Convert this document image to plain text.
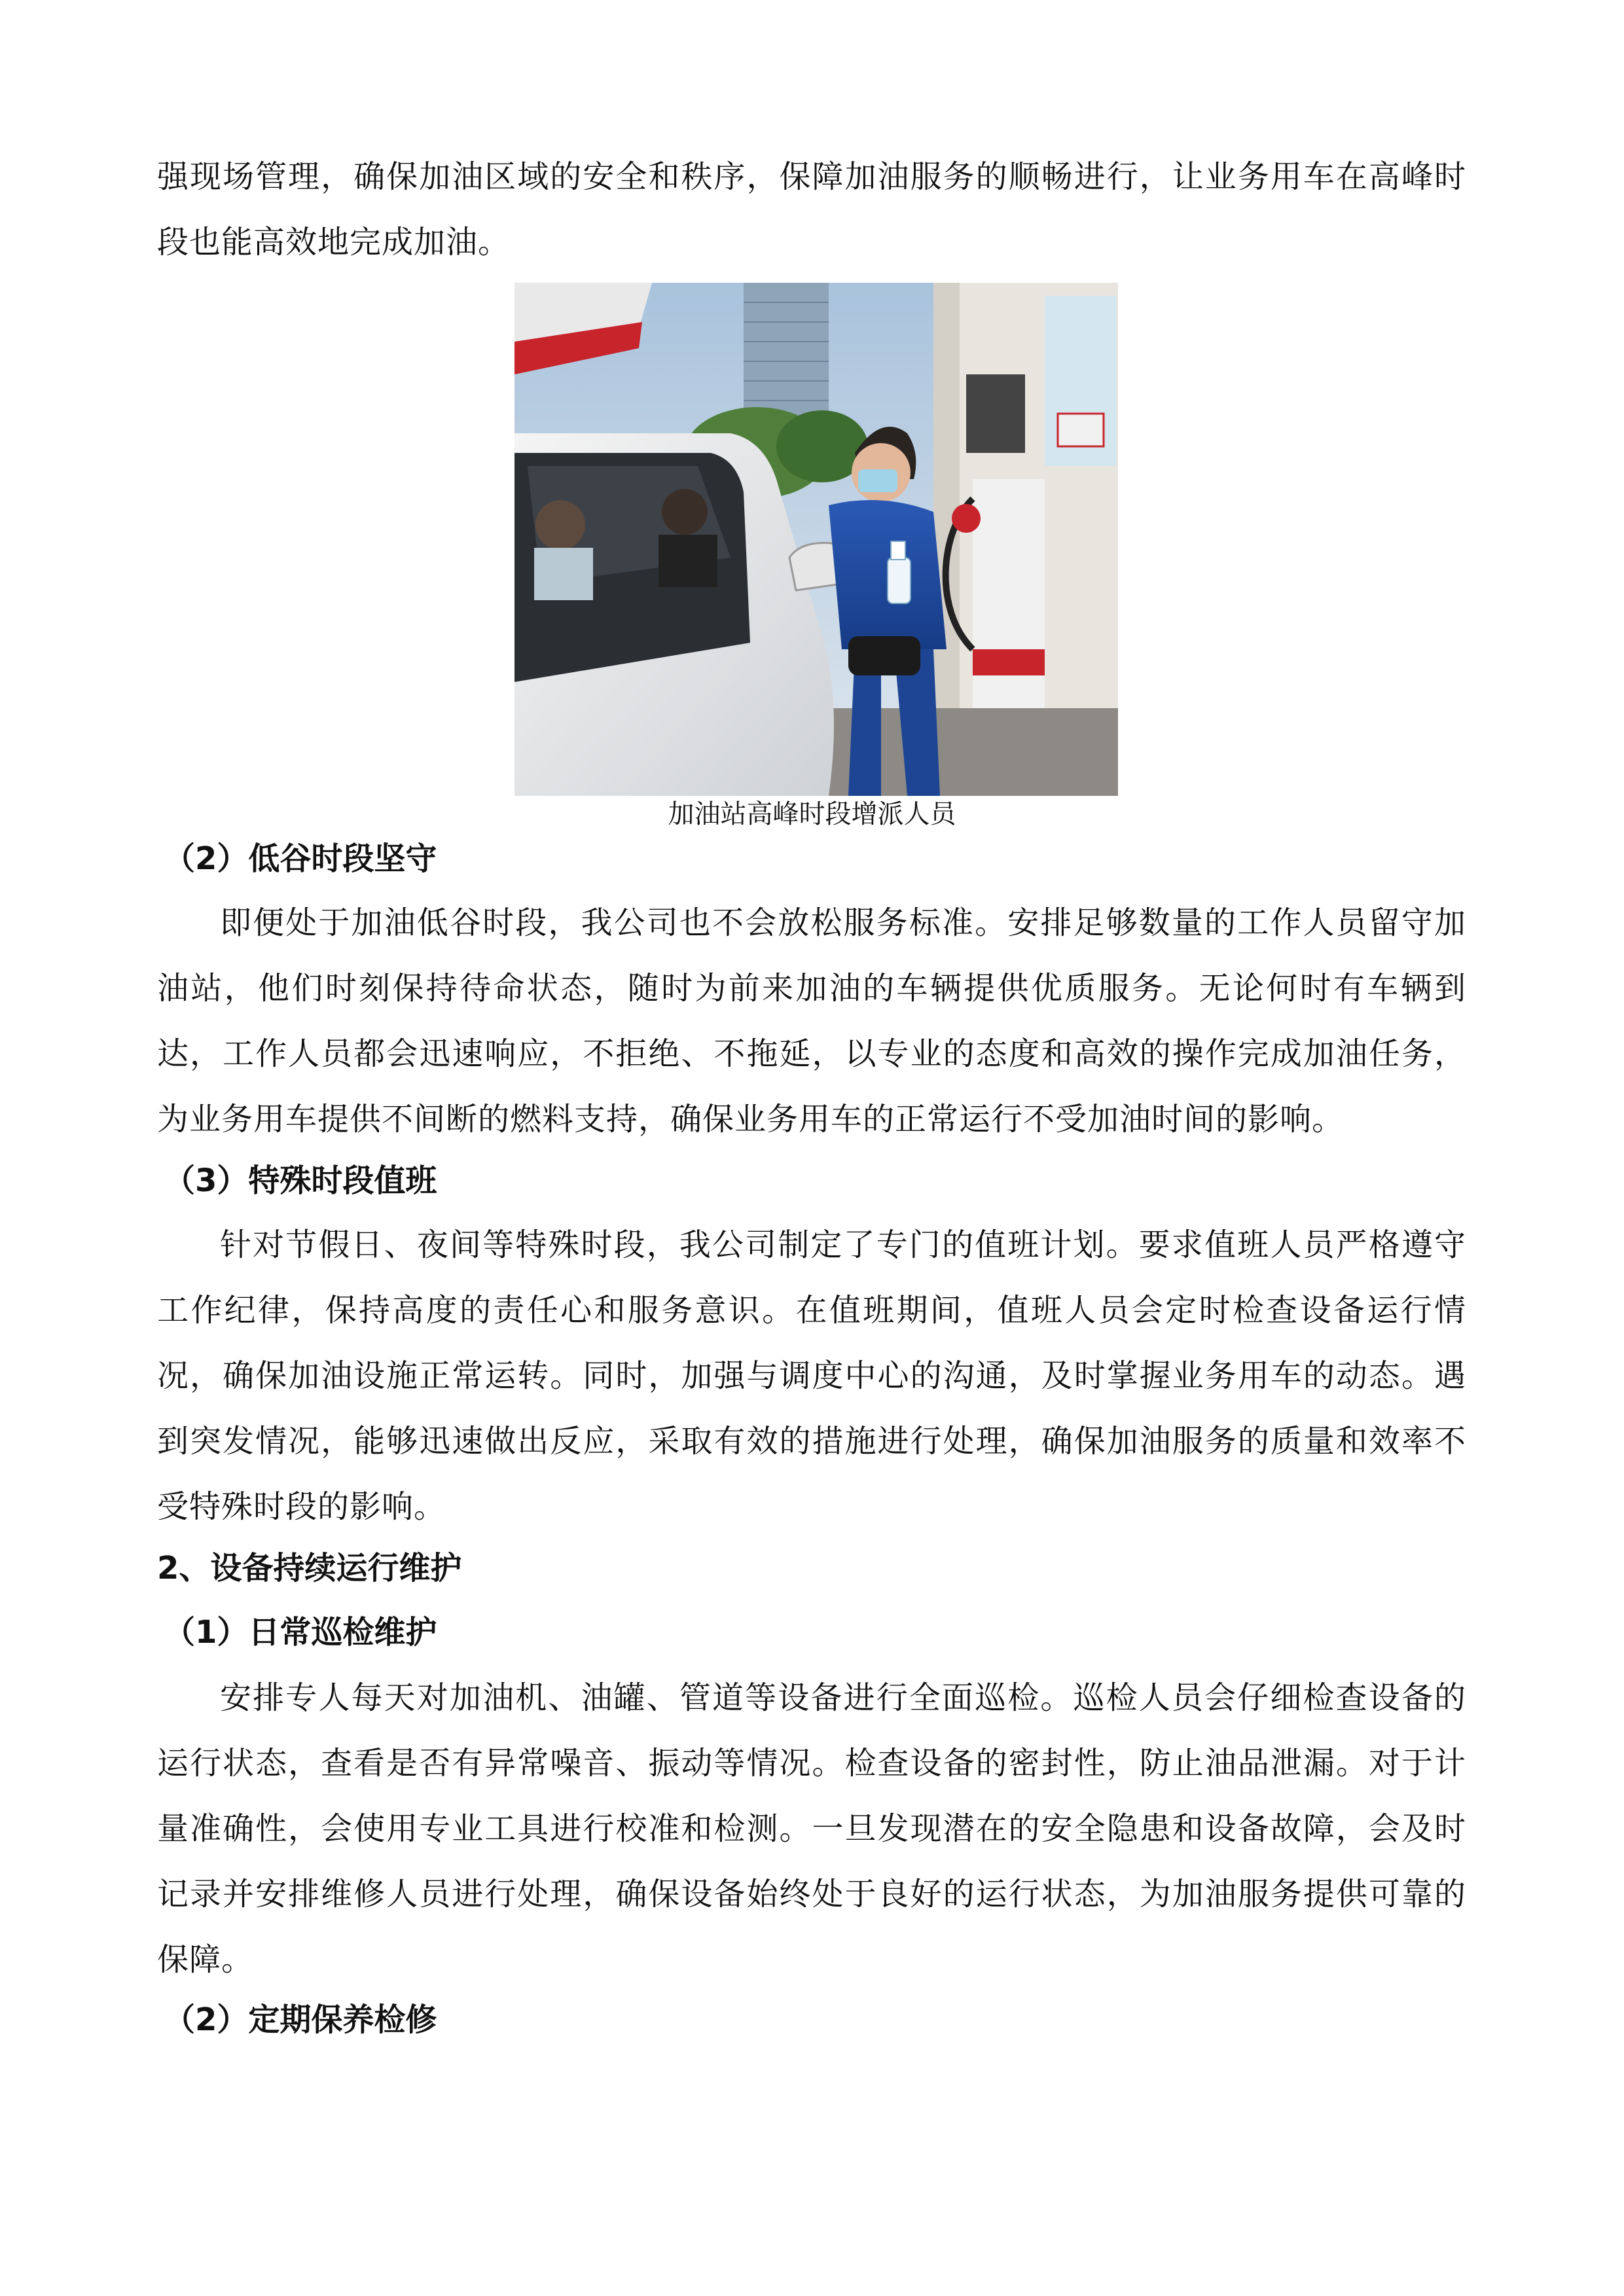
强现场管理，确保加油区域的安全和秩序，保障加油服务的顺畅进行，让业务用车在高峰时段也能高效地完成加油。

加油站高峰时段增派人员

（2）低谷时段坚守

即便处于加油低谷时段，我公司也不会放松服务标准。安排足够数量的工作人员留守加油站，他们时刻保持待命状态，随时为前来加油的车辆提供优质服务。无论何时有车辆到达，工作人员都会迅速响应，不拒绝、不拖延，以专业的态度和高效的操作完成加油任务，为业务用车提供不间断的燃料支持，确保业务用车的正常运行不受加油时间的影响。

（3）特殊时段值班

针对节假日、夜间等特殊时段，我公司制定了专门的值班计划。要求值班人员严格遵守工作纪律，保持高度的责任心和服务意识。在值班期间，值班人员会定时检查设备运行情况，确保加油设施正常运转。同时，加强与调度中心的沟通，及时掌握业务用车的动态。遇到突发情况，能够迅速做出反应，采取有效的措施进行处理，确保加油服务的质量和效率不受特殊时段的影响。

2、设备持续运行维护

（1）日常巡检维护

安排专人每天对加油机、油罐、管道等设备进行全面巡检。巡检人员会仔细检查设备的运行状态，查看是否有异常噪音、振动等情况。检查设备的密封性，防止油品泄漏。对于计量准确性，会使用专业工具进行校准和检测。一旦发现潜在的安全隐患和设备故障，会及时记录并安排维修人员进行处理，确保设备始终处于良好的运行状态，为加油服务提供可靠的保障。

（2）定期保养检修
